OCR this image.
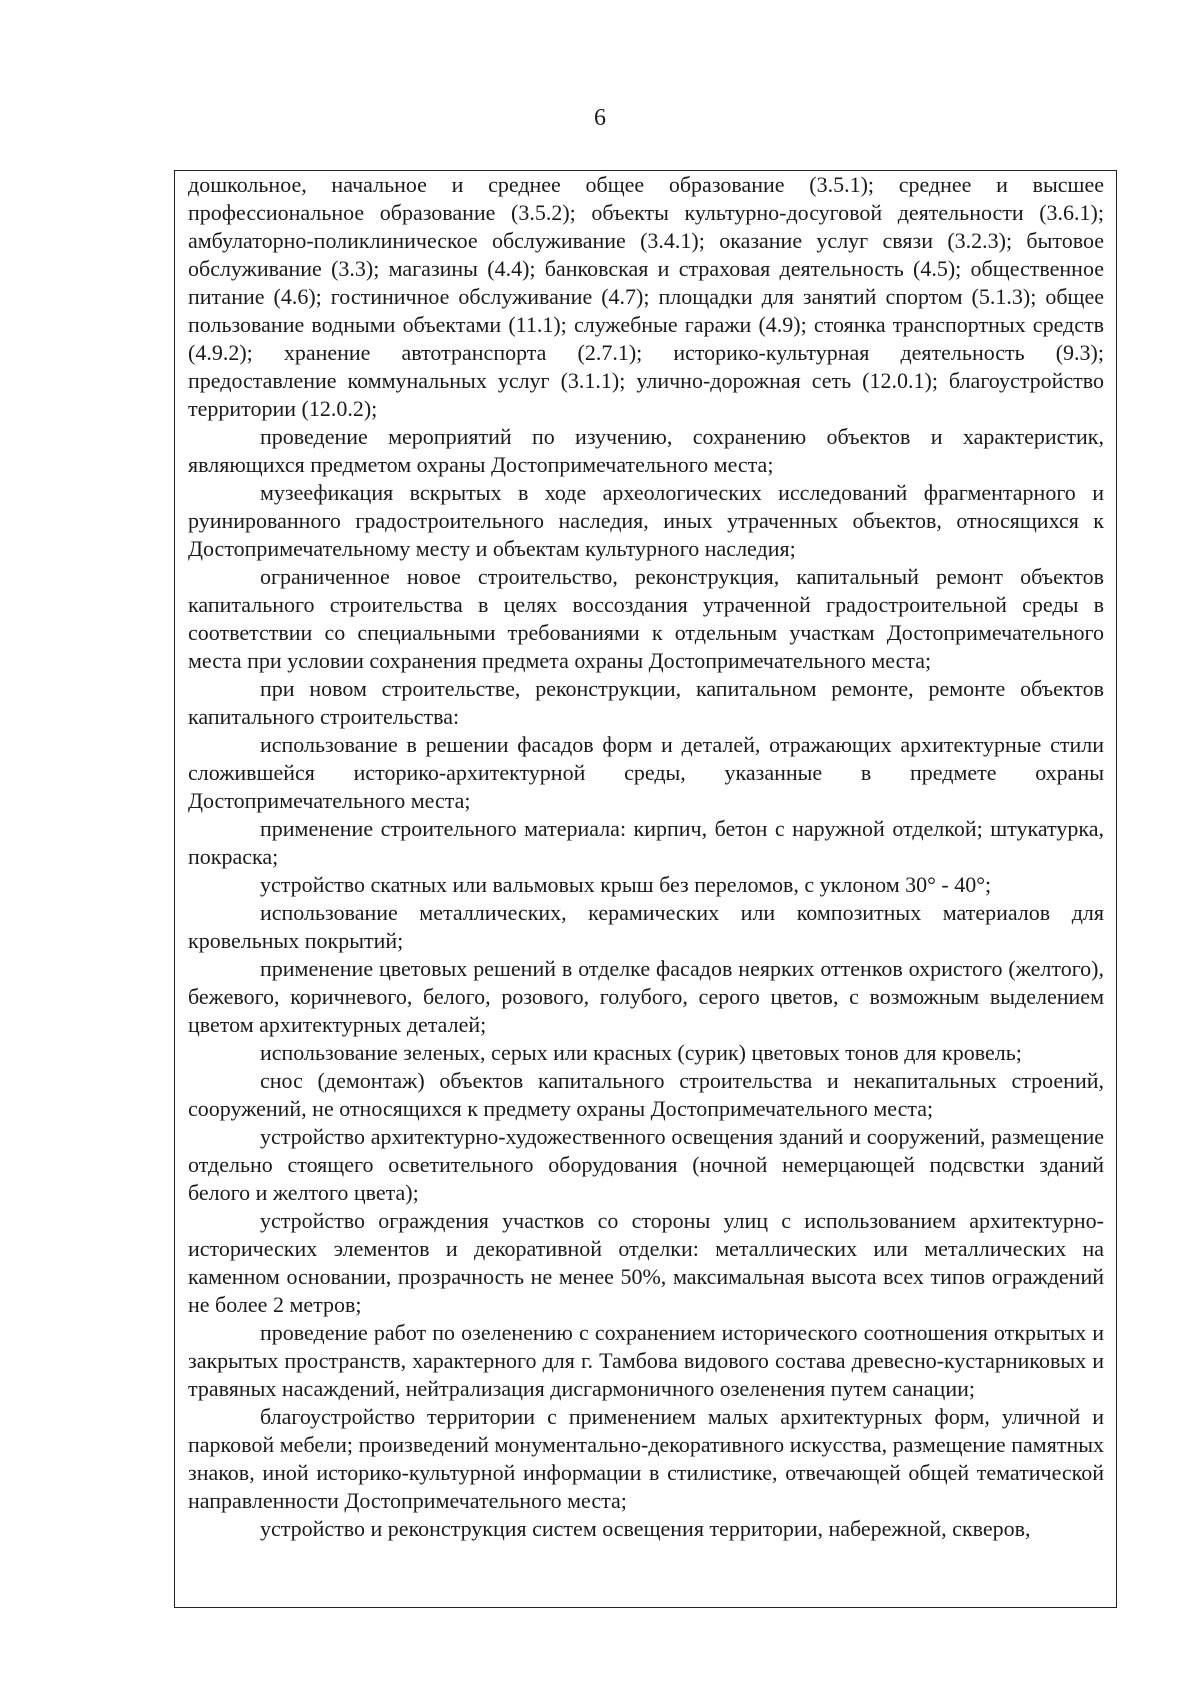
6

дошкольное, начальное и среднее общее образование (3.5.1); среднее и высшее профессиональное образование (3.5.2); объекты культурно-досуговой деятельности (3.6.1); амбулаторно-поликлиническое обслуживание (3.4.1); оказание услуг связи (3.2.3); бытовое обслуживание (3.3); магазины (4.4); банковская и страховая деятельность (4.5); общественное питание (4.6); гостиничное обслуживание (4.7); площадки для занятий спортом (5.1.3); общее пользование водными объектами (11.1); служебные гаражи (4.9); стоянка транспортных средств (4.9.2); хранение автотранспорта (2.7.1); историко-культурная деятельность (9.3); предоставление коммунальных услуг (3.1.1); улично-дорожная сеть (12.0.1); благоустройство территории (12.0.2);

проведение мероприятий по изучению, сохранению объектов и характеристик, являющихся предметом охраны Достопримечательного места;

музеефикация вскрытых в ходе археологических исследований фрагментарного и руинированного градостроительного наследия, иных утраченных объектов, относящихся к Достопримечательному месту и объектам культурного наследия;

ограниченное новое строительство, реконструкция, капитальный ремонт объектов капитального строительства в целях воссоздания утраченной градостроительной среды в соответствии со специальными требованиями к отдельным участкам Достопримечательного места при условии сохранения предмета охраны Достопримечательного места;

при новом строительстве, реконструкции, капитальном ремонте, ремонте объектов капитального строительства:

использование в решении фасадов форм и деталей, отражающих архитектурные стили сложившейся историко-архитектурной среды, указанные в предмете охраны Достопримечательного места;

применение строительного материала: кирпич, бетон с наружной отделкой; штукатурка, покраска;

устройство скатных или вальмовых крыш без переломов, с уклоном 30° - 40°;

использование металлических, керамических или композитных материалов для кровельных покрытий;

применение цветовых решений в отделке фасадов неярких оттенков охристого (желтого), бежевого, коричневого, белого, розового, голубого, серого цветов, с возможным выделением цветом архитектурных деталей;

использование зеленых, серых или красных (сурик) цветовых тонов для кровель;

снос (демонтаж) объектов капитального строительства и некапитальных строений, сооружений, не относящихся к предмету охраны Достопримечательного места;

устройство архитектурно-художественного освещения зданий и сооружений, размещение отдельно стоящего осветительного оборудования (ночной немерцающей подсвстки зданий белого и желтого цвета);

устройство ограждения участков со стороны улиц с использованием архитектурно-исторических элементов и декоративной отделки: металлических или металлических на каменном основании, прозрачность не менее 50%, максимальная высота всех типов ограждений не более 2 метров;

проведение работ по озеленению с сохранением исторического соотношения открытых и закрытых пространств, характерного для г. Тамбова видового состава древесно-кустарниковых и травяных насаждений, нейтрализация дисгармоничного озеленения путем санации;

благоустройство территории с применением малых архитектурных форм, уличной и парковой мебели; произведений монументально-декоративного искусства, размещение памятных знаков, иной историко-культурной информации в стилистике, отвечающей общей тематической направленности Достопримечательного места;

устройство и реконструкция систем освещения территории, набережной, скверов,
